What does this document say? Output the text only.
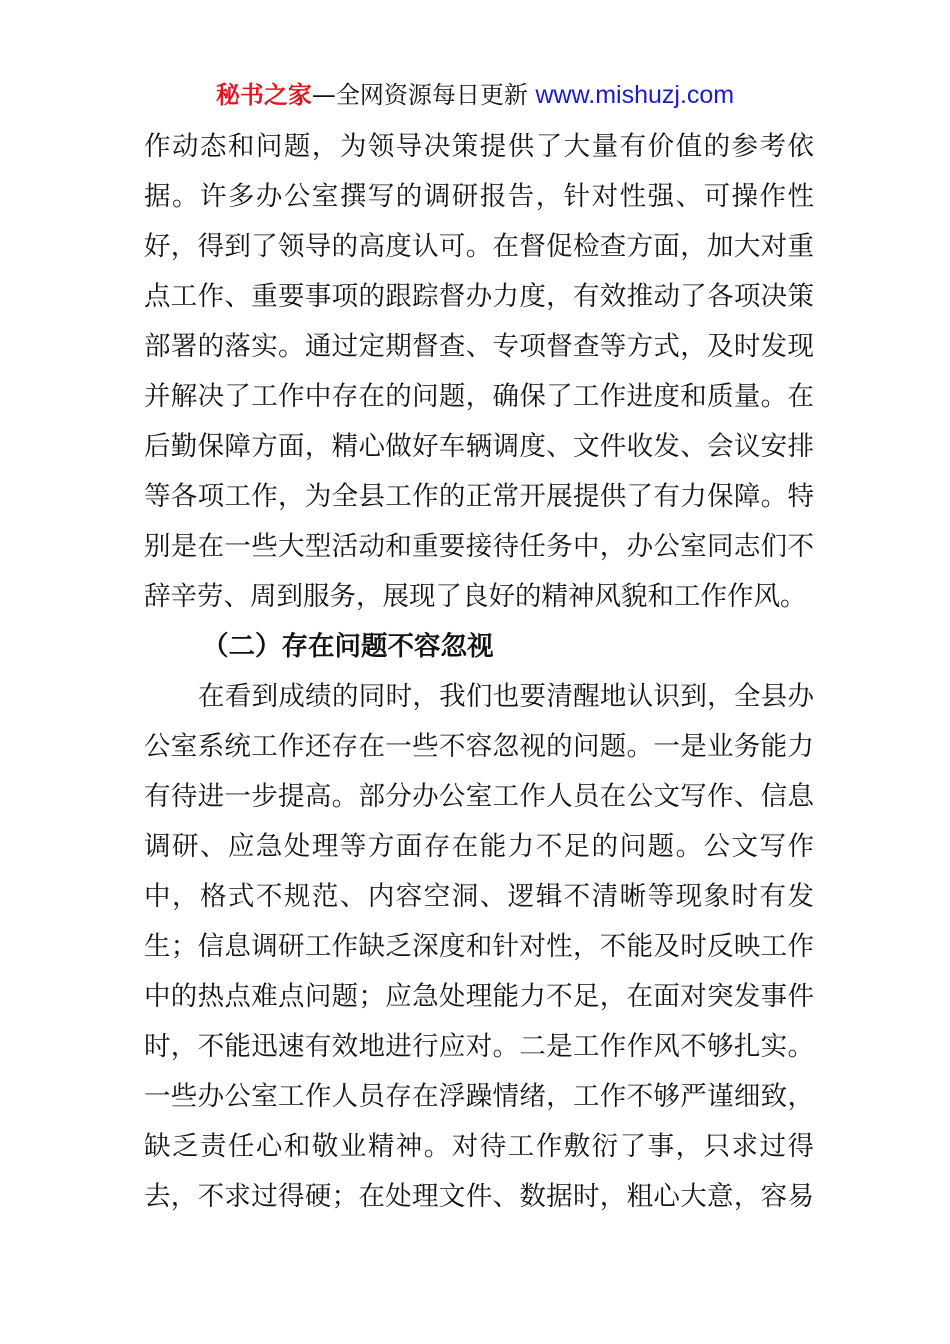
秘书之家—全网资源每日更新 www.mishuzj.com
作动态和问题，为领导决策提供了大量有价值的参考依
据。许多办公室撰写的调研报告，针对性强、可操作性
好，得到了领导的高度认可。在督促检查方面，加大对重
点工作、重要事项的跟踪督办力度，有效推动了各项决策
部署的落实。通过定期督查、专项督查等方式，及时发现
并解决了工作中存在的问题，确保了工作进度和质量。在
后勤保障方面，精心做好车辆调度、文件收发、会议安排
等各项工作，为全县工作的正常开展提供了有力保障。特
别是在一些大型活动和重要接待任务中，办公室同志们不
辞辛劳、周到服务，展现了良好的精神风貌和工作作风。
（二）存在问题不容忽视
在看到成绩的同时，我们也要清醒地认识到，全县办
公室系统工作还存在一些不容忽视的问题。一是业务能力
有待进一步提高。部分办公室工作人员在公文写作、信息
调研、应急处理等方面存在能力不足的问题。公文写作
中，格式不规范、内容空洞、逻辑不清晰等现象时有发
生；信息调研工作缺乏深度和针对性，不能及时反映工作
中的热点难点问题；应急处理能力不足，在面对突发事件
时，不能迅速有效地进行应对。二是工作作风不够扎实。
一些办公室工作人员存在浮躁情绪，工作不够严谨细致，
缺乏责任心和敬业精神。对待工作敷衍了事，只求过得
去，不求过得硬；在处理文件、数据时，粗心大意，容易
